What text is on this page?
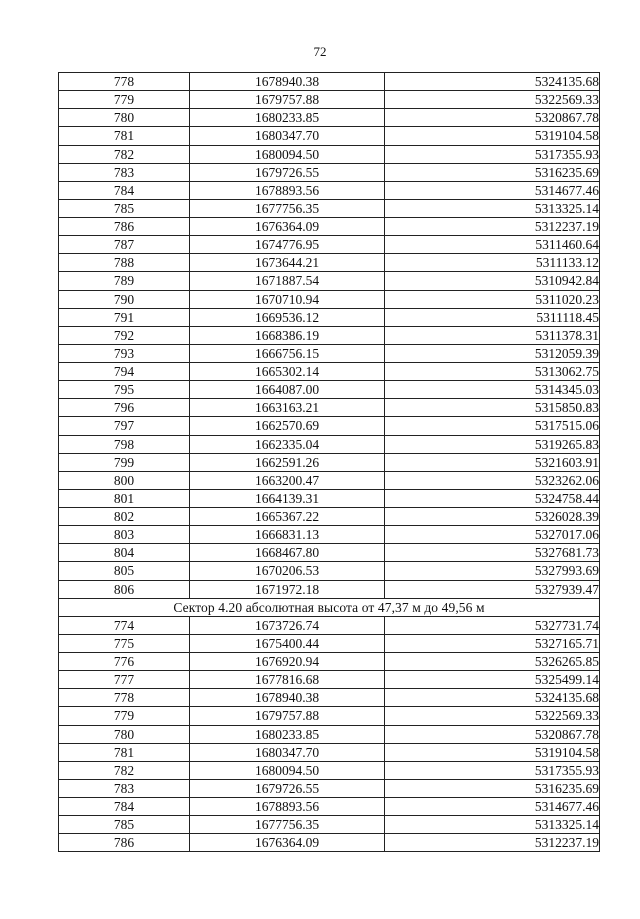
72
778	1678940.38	5324135.68
779	1679757.88	5322569.33
780	1680233.85	5320867.78
781	1680347.70	5319104.58
782	1680094.50	5317355.93
783	1679726.55	5316235.69
784	1678893.56	5314677.46
785	1677756.35	5313325.14
786	1676364.09	5312237.19
787	1674776.95	5311460.64
788	1673644.21	5311133.12
789	1671887.54	5310942.84
790	1670710.94	5311020.23
791	1669536.12	5311118.45
792	1668386.19	5311378.31
793	1666756.15	5312059.39
794	1665302.14	5313062.75
795	1664087.00	5314345.03
796	1663163.21	5315850.83
797	1662570.69	5317515.06
798	1662335.04	5319265.83
799	1662591.26	5321603.91
800	1663200.47	5323262.06
801	1664139.31	5324758.44
802	1665367.22	5326028.39
803	1666831.13	5327017.06
804	1668467.80	5327681.73
805	1670206.53	5327993.69
806	1671972.18	5327939.47
Сектор 4.20 абсолютная высота от 47,37 м до 49,56 м		
774	1673726.74	5327731.74
775	1675400.44	5327165.71
776	1676920.94	5326265.85
777	1677816.68	5325499.14
778	1678940.38	5324135.68
779	1679757.88	5322569.33
780	1680233.85	5320867.78
781	1680347.70	5319104.58
782	1680094.50	5317355.93
783	1679726.55	5316235.69
784	1678893.56	5314677.46
785	1677756.35	5313325.14
786	1676364.09	5312237.19
